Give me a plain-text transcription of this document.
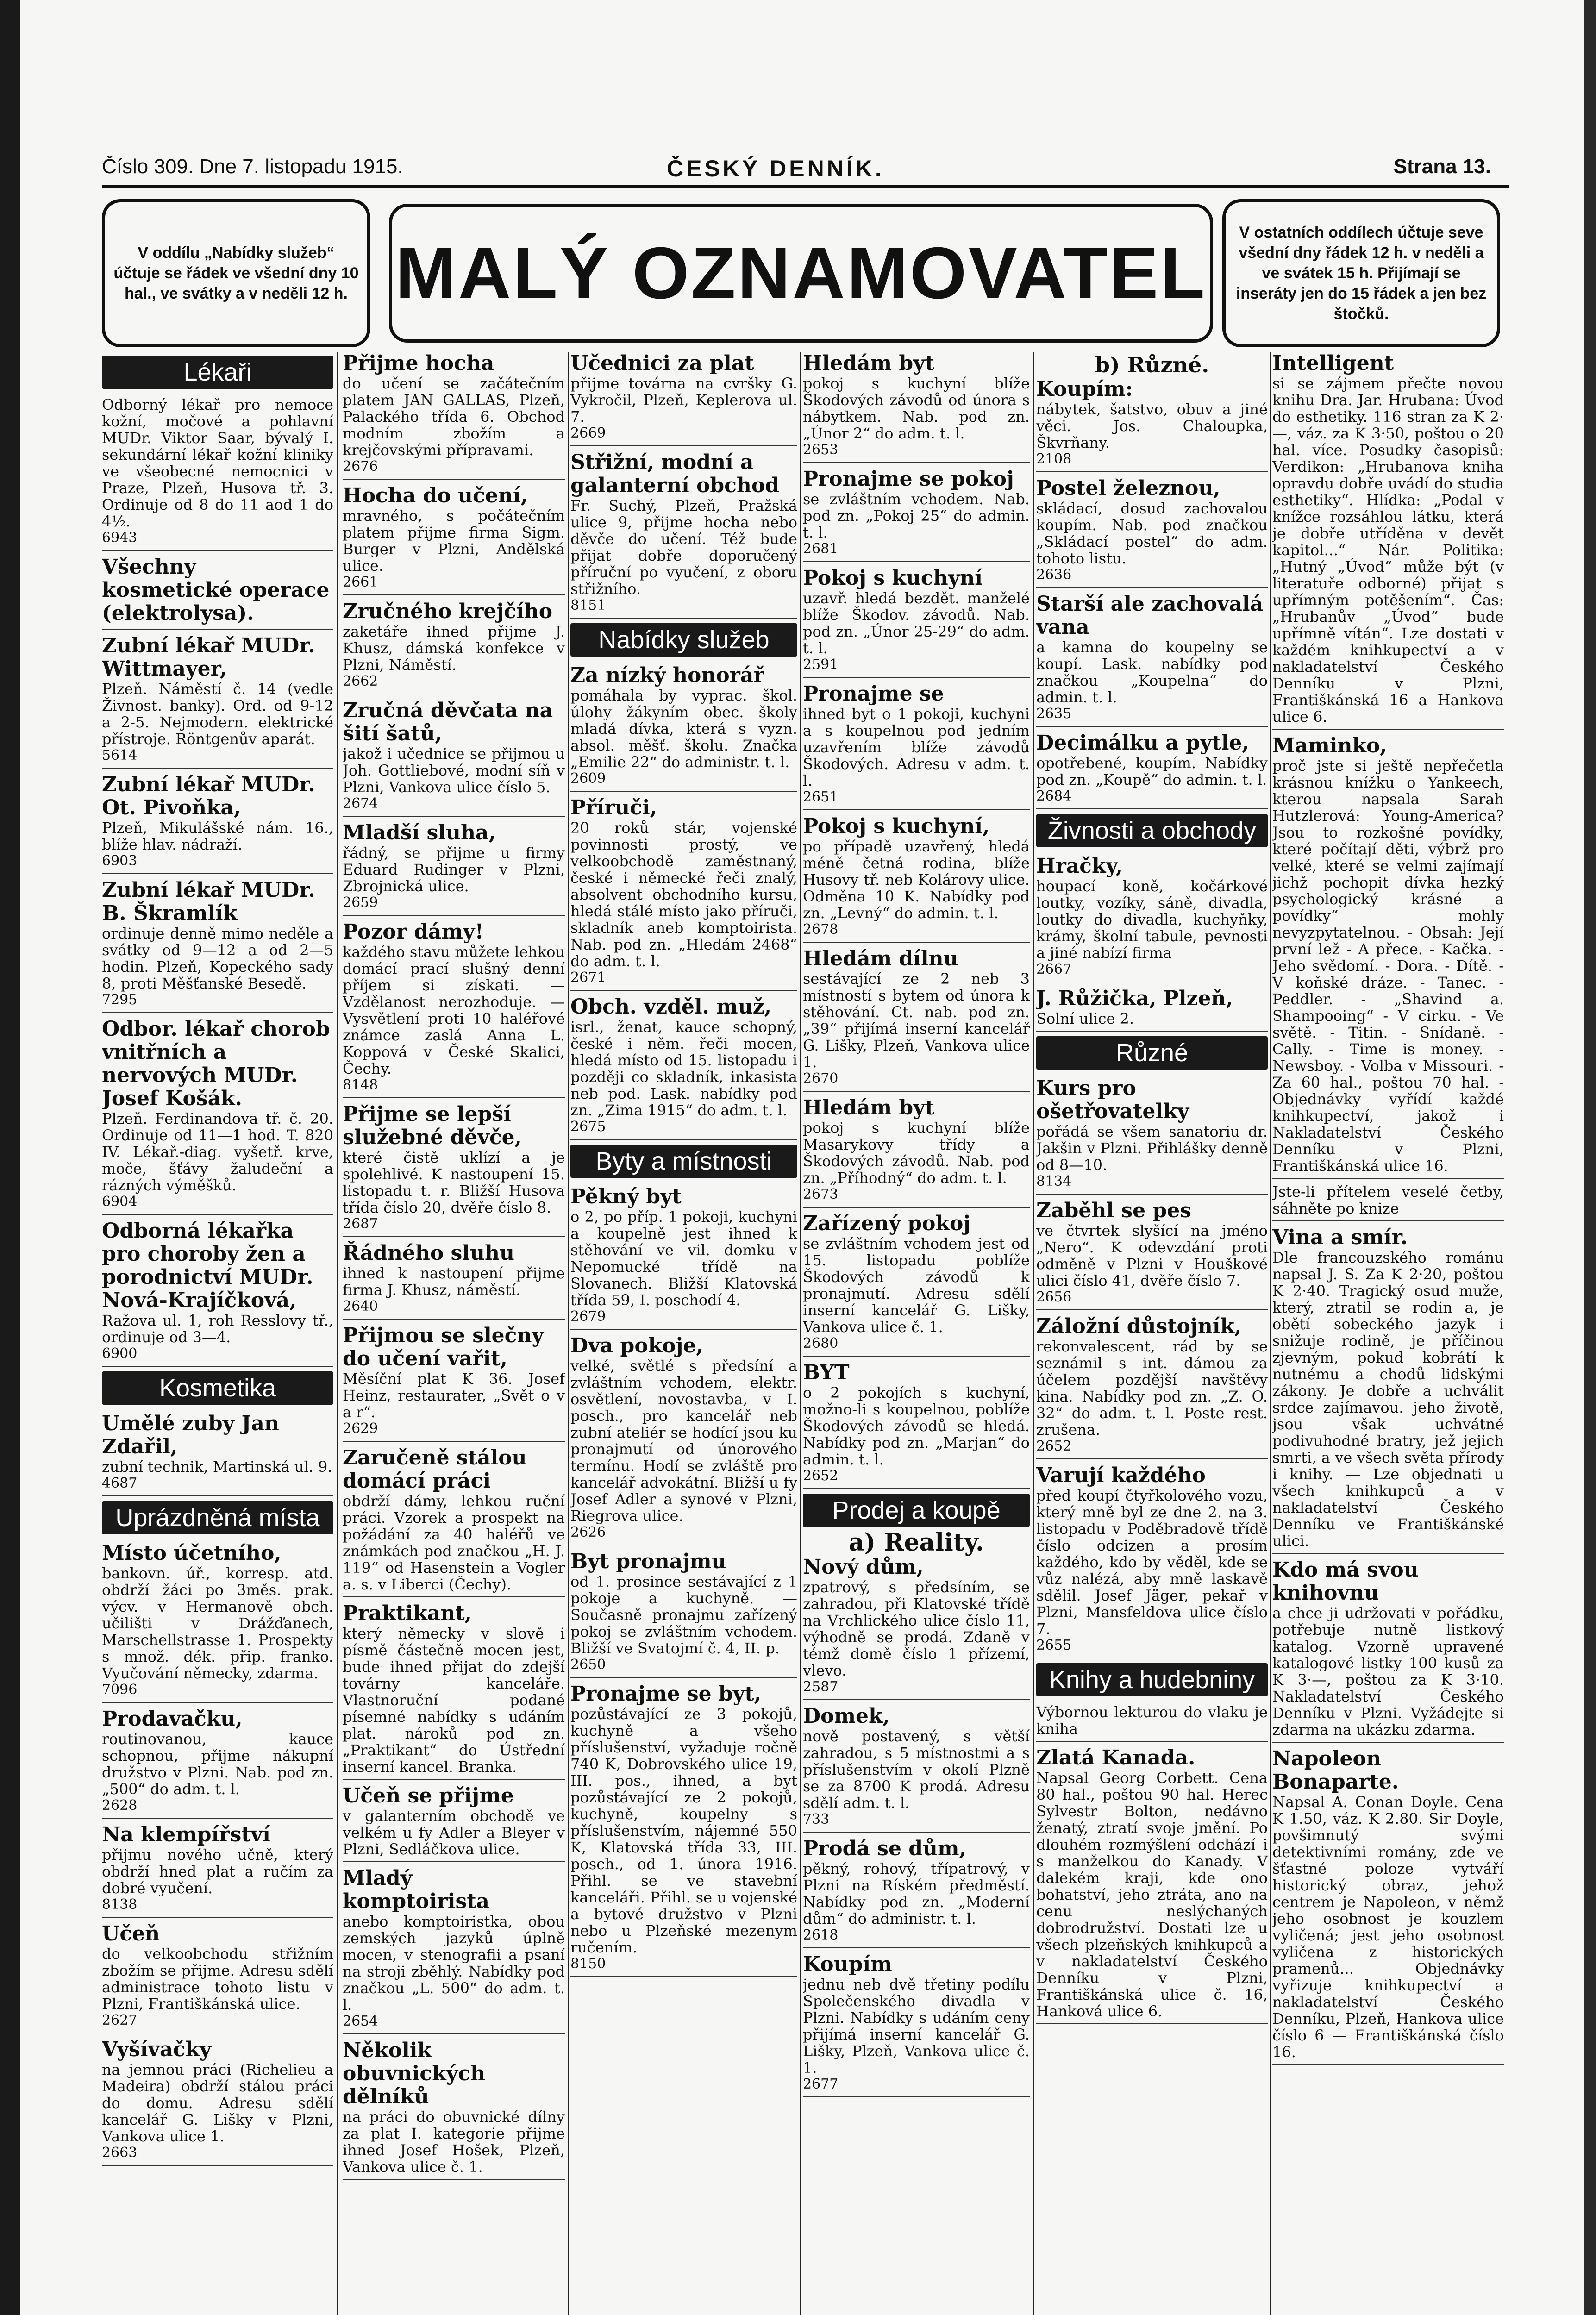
Číslo 309. Dne 7. listopadu 1915.	ČESKÝ DENNÍK.	Strana 13.
V oddílu „Nabídky služeb“ účtuje se řádek ve všední dny 10 hal., ve svátky a v neděli 12 h. MALÝ OZNAMOVATEL	V ostatních oddílech účtuje seve všední dny řádek 12 h. v neděli a ve svátek 15 h. Přijímají se inseráty jen do 15 řádek a jen bez štočků.
Lékaři

Odborný lékař pro nemoce kožní, močové a pohlavní MUDr. Viktor Saar, bývalý I. sekundární lékař kožní kliniky ve všeobecné nemocnici v Praze, Plzeň, Husova tř. 3. Ordinuje od 8 do 11 aod 1 do 4½.

6943

Všechny kosmetické operace (elektrolysa).
Zubní lékař MUDr. Wittmayer,

Plzeň. Náměstí č. 14 (vedle Živnost. banky). Ord. od 9-12 a 2-5. Nejmodern. elektrické přístroje. Röntgenův aparát.

5614

Zubní lékař MUDr. Ot. Pivoňka,

Plzeň, Mikulášské nám. 16., blíže hlav. nádraží.

6903

Zubní lékař MUDr. B. Škramlík

ordinuje denně mimo neděle a svátky od 9—12 a od 2—5 hodin. Plzeň, Kopeckého sady 8, proti Měšťanské Besedě.

7295

Odbor. lékař chorob vnitřních a nervových MUDr. Josef Košák.

Plzeň. Ferdinandova tř. č. 20. Ordinuje od 11—1 hod. T. 820 IV. Lékař.-diag. vyšetř. krve, moče, šťávy žaludeční a rázných výměšků.

6904

Odborná lékařka pro choroby žen a porodnictví MUDr. Nová-Krajíčková,

Ražova ul. 1, roh Resslovy tř., ordinuje od 3—4.

6900

Kosmetika
Umělé zuby Jan Zdařil,

zubní technik, Martinská ul. 9.

4687

Uprázdněná místa
Místo účetního,

bankovn. úř., korresp. atd. obdrží žáci po 3měs. prak. výcv. v Hermanově obch. učilišti v Drážďanech, Marschellstrasse 1. Prospekty s množ. dék. přip. franko. Vyučování německy, zdarma.

7096

Prodavačku,

routinovanou, kauce schopnou, přijme nákupní družstvo v Plzni. Nab. pod zn. „500“ do adm. t. l.

2628

Na klempířství

přijmu nového učně, který obdrží hned plat a ručím za dobré vyučení.

8138

Učeň

do velkoobchodu střižním zbožím se přijme. Adresu sdělí administrace tohoto listu v Plzni, Františkánská ulice.

2627

Vyšívačky

na jemnou práci (Richelieu a Madeira) obdrží stálou práci do domu. Adresu sdělí kancelář G. Lišky v Plzni, Vankova ulice 1.

2663

Přijme hocha

do učení se začátečním platem JAN GALLAS, Plzeň, Palackého třída 6. Obchod modním zbožím a krejčovskými přípravami.

2676

Hocha do učení,

mravného, s počátečním platem přijme firma Sigm. Burger v Plzni, Andělská ulice.

2661

Zručného krejčího

zaketáře ihned přijme J. Khusz, dámská konfekce v Plzni, Náměstí.

2662

Zručná děvčata na šití šatů,

jakož i učednice se přijmou u Joh. Gottliebové, modní síň v Plzni, Vankova ulice číslo 5.

2674

Mladší sluha,

řádný, se přijme u firmy Eduard Rudinger v Plzni, Zbrojnická ulice.

2659

Pozor dámy!

každého stavu můžete lehkou domácí prací slušný denní příjem si získati. — Vzdělanost nerozhoduje. — Vysvětlení proti 10 haléřové známce zaslá Anna L. Koppová v České Skalici, Čechy.

8148

Přijme se lepší služebné děvče,

které čistě uklízí a je spolehlivé. K nastoupení 15. listopadu t. r. Bližší Husova třída číslo 20, dvěře číslo 8.

2687

Řádného sluhu

ihned k nastoupení přijme firma J. Khusz, náměstí.

2640

Přijmou se slečny do učení vařit,

Měsíční plat K 36. Josef Heinz, restaurater, „Svět o v a r“.

2629

Zaručeně stálou domácí práci

obdrží dámy, lehkou ruční práci. Vzorek a prospekt na požádání za 40 haléřů ve známkách pod značkou „H. J. 119“ od Hasenstein a Vogler a. s. v Liberci (Čechy).

Praktikant,

který německy v slově i písmě částečně mocen jest, bude ihned přijat do zdejší továrny kanceláře. Vlastnoruční podané písemné nabídky s udáním plat. nároků pod zn. „Praktikant“ do Ústřední inserní kancel. Branka.

Učeň se přijme

v galanterním obchodě ve velkém u fy Adler a Bleyer v Plzni, Sedláčkova ulice.

Mladý komptoirista

anebo komptoiristka, obou zemských jazyků úplně mocen, v stenografii a psaní na stroji zběhlý. Nabídky pod značkou „L. 500“ do adm. t. l.

2654

Několik obuvnických dělníků

na práci do obuvnické dílny za plat I. kategorie přijme ihned Josef Hošek, Plzeň, Vankova ulice č. 1.

Učednici za plat

přijme továrna na cvršky G. Vykročil, Plzeň, Keplerova ul. 7.

2669

Střižní, modní a galanterní obchod

Fr. Suchý, Plzeň, Pražská ulice 9, přijme hocha nebo děvče do učení. Též bude přijat dobře doporučený příruční po vyučení, z oboru střižního.

8151

Nabídky služeb
Za nízký honorář

pomáhala by vyprac. škol. úlohy žákyním obec. školy mladá dívka, která s vyzn. absol. měšť. školu. Značka „Emilie 22“ do administr. t. l.

2609

Příruči,

20 roků stár, vojenské povinnosti prostý, ve velkoobchodě zaměstnaný, české i německé řeči znalý, absolvent obchodního kursu, hledá stálé místo jako příruči, skladník aneb komptoirista. Nab. pod zn. „Hledám 2468“ do adm. t. l.

2671

Obch. vzděl. muž,

isrl., ženat, kauce schopný, české i něm. řeči mocen, hledá místo od 15. listopadu i později co skladník, inkasista neb pod. Lask. nabídky pod zn. „Zima 1915“ do adm. t. l.

2675

Byty a místnosti
Pěkný byt

o 2, po příp. 1 pokoji, kuchyni a koupelně jest ihned k stěhování ve vil. domku v Nepomucké třídě na Slovanech. Bližší Klatovská třída 59, I. poschodí 4.

2679

Dva pokoje,

velké, světlé s předsíní a zvláštním vchodem, elektr. osvětlení, novostavba, v I. posch., pro kancelář neb zubní ateliér se hodící jsou ku pronajmutí od únorového termínu. Hodí se zvláště pro kancelář advokátní. Bližší u fy Josef Adler a synové v Plzni, Riegrova ulice.

2626

Byt pronajmu

od 1. prosince sestávající z 1 pokoje a kuchyně. — Současně pronajmu zařízený pokoj se zvláštním vchodem. Bližší ve Svatojmí č. 4, II. p.

2650

Pronajme se byt,

pozůstávající ze 3 pokojů, kuchyně a všeho příslušenství, vyžaduje ročně 740 K, Dobrovského ulice 19, III. pos., ihned, a byt pozůstávající ze 2 pokojů, kuchyně, koupelny s příslušenstvím, nájemné 550 K, Klatovská třída 33, III. posch., od 1. února 1916. Přihl. se ve stavební kanceláři. Přihl. se u vojenské a bytové družstvo v Plzni nebo u Plzeňské mezenym ručením.

8150

Hledám byt

pokoj s kuchyní blíže Škodových závodů od února s nábytkem. Nab. pod zn. „Únor 2“ do adm. t. l.

2653

Pronajme se pokoj

se zvláštním vchodem. Nab. pod zn. „Pokoj 25“ do admin. t. l.

2681

Pokoj s kuchyní

uzavř. hledá bezdět. manželé blíže Škodov. závodů. Nab. pod zn. „Únor 25-29“ do adm. t. l.

2591

Pronajme se

ihned byt o 1 pokoji, kuchyni a s koupelnou pod jedním uzavřením blíže závodů Škodových. Adresu v adm. t. l.

2651

Pokoj s kuchyní,

po případě uzavřený, hledá méně četná rodina, blíže Husovy tř. neb Kolárovy ulice. Odměna 10 K. Nabídky pod zn. „Levný“ do admin. t. l.

2678

Hledám dílnu

sestávající ze 2 neb 3 místností s bytem od února k stěhování. Ct. nab. pod zn. „39“ přijímá inserní kancelář G. Lišky, Plzeň, Vankova ulice 1.

2670

Hledám byt

pokoj s kuchyní blíže Masarykovy třídy a Škodových závodů. Nab. pod zn. „Příhodný“ do adm. t. l.

2673

Zařízený pokoj

se zvláštním vchodem jest od 15. listopadu poblíže Škodových závodů k pronajmutí. Adresu sdělí inserní kancelář G. Lišky, Vankova ulice č. 1.

2680

BYT

o 2 pokojích s kuchyní, možno-li s koupelnou, poblíže Škodových závodů se hledá. Nabídky pod zn. „Marjan“ do admin. t. l.

2652

Prodej a koupě
a) Reality.
Nový dům,

zpatrový, s předsíním, se zahradou, při Klatovské třídě na Vrchlického ulice číslo 11, výhodně se prodá. Zdaně v témž domě číslo 1 přízemí, vlevo.

2587

Domek,

nově postavený, s větší zahradou, s 5 místnostmi a s příslušenstvím v okolí Plzně se za 8700 K prodá. Adresu sdělí adm. t. l.

733

Prodá se dům,

pěkný, rohový, třípatrový, v Plzni na Ríském předměstí. Nabídky pod zn. „Moderní dům“ do administr. t. l.

2618

Koupím

jednu neb dvě třetiny podílu Společenského divadla v Plzni. Nabídky s udáním ceny přijímá inserní kancelář G. Lišky, Plzeň, Vankova ulice č. 1.

2677

b) Různé.
Koupím:

nábytek, šatstvo, obuv a jiné věci. Jos. Chaloupka, Škvrňany.

2108

Postel železnou,

skládací, dosud zachovalou koupím. Nab. pod značkou „Skládací postel“ do adm. tohoto listu.

2636

Starší ale zachovalá vana

a kamna do koupelny se koupí. Lask. nabídky pod značkou „Koupelna“ do admin. t. l.

2635

Decimálku a pytle,

opotřebené, koupím. Nabídky pod zn. „Koupě“ do admin. t. l.

2684

Živnosti a obchody
Hračky,

houpací koně, kočárkové loutky, vozíky, sáně, divadla, loutky do divadla, kuchyňky, krámy, školní tabule, pevnosti a jiné nabízí firma

2667

J. Růžička, Plzeň,

Solní ulice 2.

Různé
Kurs pro ošetřovatelky

pořádá se všem sanatoriu dr. Jakšin v Plzni. Přihlášky denně od 8—10.

8134

Zaběhl se pes

ve čtvrtek slyšící na jméno „Nero“. K odevzdání proti odměně v Plzni v Houškové ulici číslo 41, dvěře číslo 7.

2656

Záložní důstojník,

rekonvalescent, rád by se seznámil s int. dámou za účelem pozdější navštěvy kina. Nabídky pod zn. „Z. O. 32“ do adm. t. l. Poste rest. zrušena.

2652

Varují každého

před koupí čtyřkolového vozu, který mně byl ze dne 2. na 3. listopadu v Poděbradově třídě číslo odcizen a prosím každého, kdo by věděl, kde se vůz nalézá, aby mně laskavě sdělil. Josef Jäger, pekař v Plzni, Mansfeldova ulice číslo 7.

2655

Knihy a hudebniny

Výbornou lekturou do vlaku je kniha

Zlatá Kanada.

Napsal Georg Corbett. Cena 80 hal., poštou 90 hal. Herec Sylvestr Bolton, nedávno ženatý, ztratí svoje jmění. Po dlouhém rozmýšlení odchází i s manželkou do Kanady. V dalekém kraji, kde ono bohatství, jeho ztráta, ano na cenu neslýchaných dobrodružství. Dostati lze u všech plzeňských knihkupců a v nakladatelství Českého Denníku v Plzni, Františkánská ulice č. 16, Hanková ulice 6.

Intelligent

si se zájmem přečte novou knihu Dra. Jar. Hrubana: Úvod do esthetiky. 116 stran za K 2·—, váz. za K 3·50, poštou o 20 hal. více. Posudky časopisů: Verdikon: „Hrubanova kniha opravdu dobře uvádí do studia esthetiky“. Hlídka: „Podal v knížce rozsáhlou látku, která je dobře utříděna v devět kapitol...“ Nár. Politika: „Hutný „Úvod“ může být (v literatuře odborné) přijat s upřímným potěšením“. Čas: „Hrubanův „Úvod“ bude upřímně vítán“. Lze dostati v každém knihkupectví a v nakladatelství Českého Denníku v Plzni, Františkánská 16 a Hankova ulice 6.

Maminko,

proč jste si ještě nepřečetla krásnou knížku o Yankeech, kterou napsala Sarah Hutzlerová: Young-America? Jsou to rozkošné povídky, které počítají děti, výbrž pro velké, které se velmi zajímají jichž pochopit dívka hezký psychologický krásné a povídky“ mohly nevyzpytatelnou. - Obsah: Její první lež - A přece. - Kačka. - Jeho svědomí. - Dora. - Dítě. - V koňské dráze. - Tanec. - Peddler. - „Shavind a. Shampooing“ - V cirku. - Ve světě. - Titin. - Snídaně. - Cally. - Time is money. - Newsboy. - Volba v Missouri. - Za 60 hal., poštou 70 hal. - Objednávky vyřídí každé knihkupectví, jakož i Nakladatelství Českého Denníku v Plzni, Františkánská ulice 16.

Jste-li přítelem veselé četby, sáhněte po knize

Vina a smír.

Dle francouzského románu napsal J. S. Za K 2·20, poštou K 2·40. Tragický osud muže, který, ztratil se rodin a, je obětí sobeckého jazyk i snižuje rodině, je příčinou zjevným, pokud kobrátí k nutnému a chodů lidskými zákony. Je dobře a uchválit srdce zajímavou. jeho životě, jsou však uchvátné podivuhodné bratry, jež jejich smrti, a ve všech světa přírody i knihy. — Lze objednati u všech knihkupců a v nakladatelství Českého Denníku ve Františkánské ulici.

Kdo má svou knihovnu

a chce ji udržovati v pořádku, potřebuje nutně listkový katalog. Vzorně upravené katalogové listky 100 kusů za K 3·—, poštou za K 3·10. Nakladatelství Českého Denníku v Plzni. Vyžádejte si zdarma na ukázku zdarma.

Napoleon Bonaparte.

Napsal A. Conan Doyle. Cena K 1.50, váz. K 2.80. Sir Doyle, povšimnutý svými detektivními romány, zde ve šťastné poloze vytváří historický obraz, jehož centrem je Napoleon, v němž jeho osobnost je kouzlem vyličená; jest jeho osobnost vyličena z historických pramenů... Objednávky vyřizuje knihkupectví a nakladatelství Českého Denníku, Plzeň, Hankova ulice číslo 6 — Františkánská číslo 16.
